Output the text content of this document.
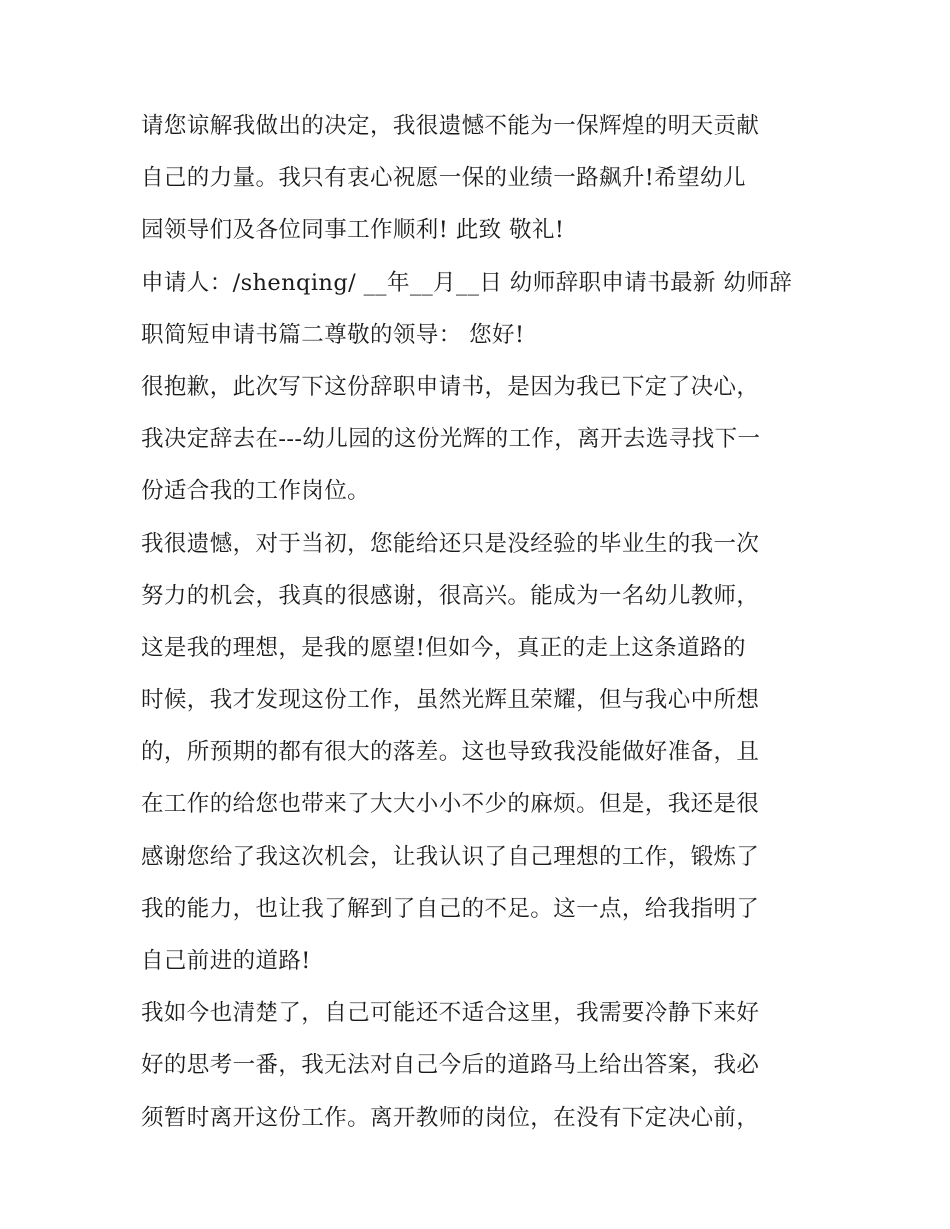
请您谅解我做出的决定，我很遗憾不能为一保辉煌的明天贡献
自己的力量。我只有衷心祝愿一保的业绩一路飙升!希望幼儿
园领导们及各位同事工作顺利! 此致 敬礼!
申请人：/shenqing/ __年__月__日 幼师辞职申请书最新 幼师辞
职简短申请书篇二尊敬的领导： 您好!
很抱歉，此次写下这份辞职申请书，是因为我已下定了决心，
我决定辞去在---幼儿园的这份光辉的工作，离开去选寻找下一
份适合我的工作岗位。
我很遗憾，对于当初，您能给还只是没经验的毕业生的我一次
努力的机会，我真的很感谢，很高兴。能成为一名幼儿教师，
这是我的理想，是我的愿望!但如今，真正的走上这条道路的
时候，我才发现这份工作，虽然光辉且荣耀，但与我心中所想
的，所预期的都有很大的落差。这也导致我没能做好准备，且
在工作的给您也带来了大大小小不少的麻烦。但是，我还是很
感谢您给了我这次机会，让我认识了自己理想的工作，锻炼了
我的能力，也让我了解到了自己的不足。这一点，给我指明了
自己前进的道路!
我如今也清楚了，自己可能还不适合这里，我需要冷静下来好
好的思考一番，我无法对自己今后的道路马上给出答案，我必
须暂时离开这份工作。离开教师的岗位，在没有下定决心前，
